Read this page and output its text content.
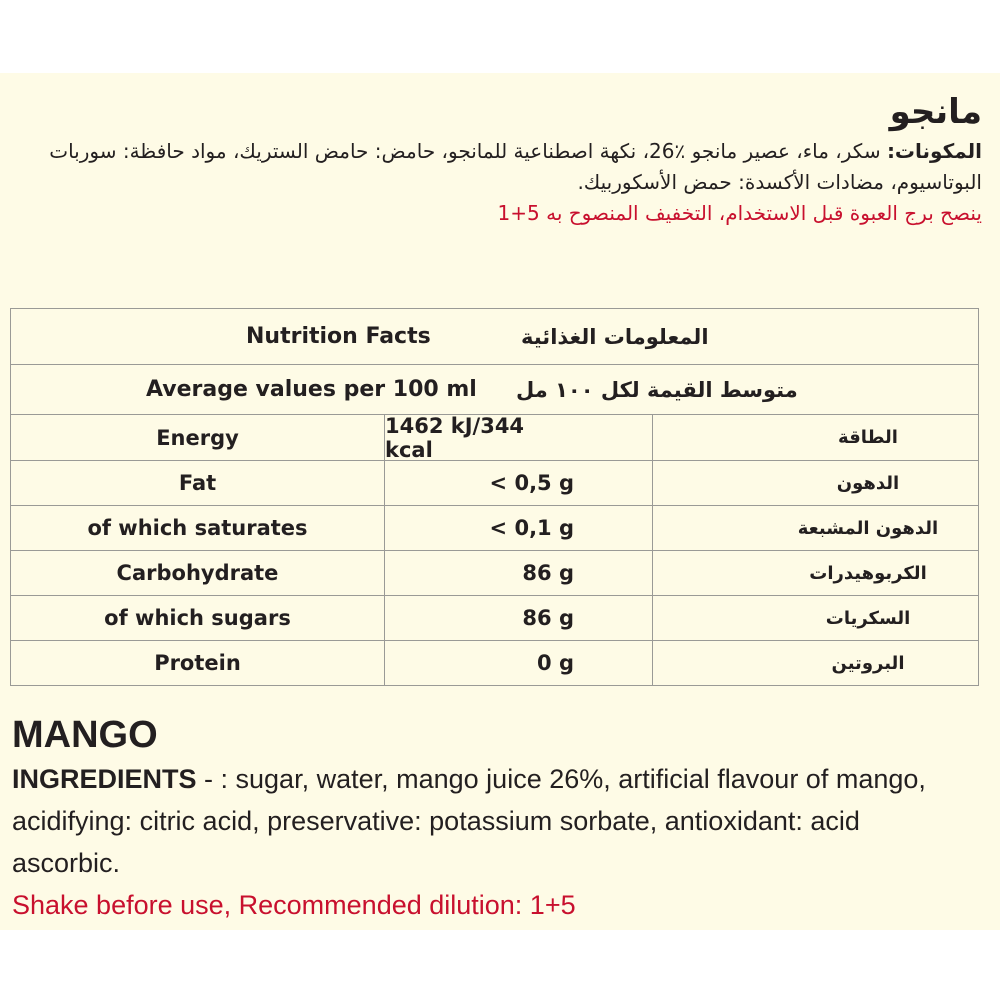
مانجو
المكونات: سكر، ماء، عصير مانجو ٪26، نكهة اصطناعية للمانجو، حامض: حامض الستريك، مواد حافظة: سوربات البوتاسيوم، مضادات الأكسدة: حمض الأسكوربيك.
ينصح برج العبوة قبل الاستخدام، التخفيف المنصوح به 5+1
Nutrition Facts	المعلومات الغذائية
Average values per 100 ml متوسط القيمة لكل ١٠٠ مل
Energy	1462 kJ/344 kcal	الطاقة
Fat	< 0,5 g	الدهون
of which saturates	< 0,1 g	الدهون المشبعة
Carbohydrate	86 g	الكربوهيدرات
of which sugars	86 g	السكريات
Protein	0 g	البروتين
MANGO
INGREDIENTS - : sugar, water, mango juice 26%, artificial flavour of mango, acidifying: citric acid, preservative: potassium sorbate, antioxidant: acid ascorbic.
Shake before use, Recommended dilution: 1+5
